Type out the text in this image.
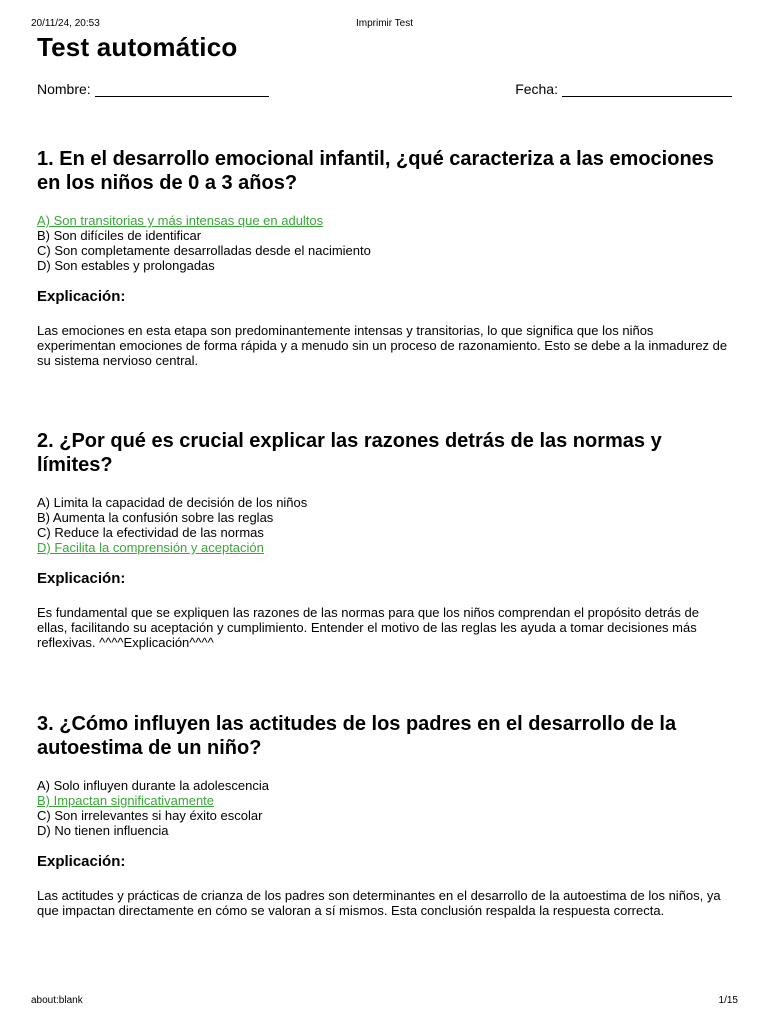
20/11/24, 20:53	Imprimir Test
Test automático
Nombre:	Fecha:
1. En el desarrollo emocional infantil, ¿qué caracteriza a las emociones en los niños de 0 a 3 años?
A) Son transitorias y más intensas que en adultos
B) Son difíciles de identificar
C) Son completamente desarrolladas desde el nacimiento
D) Son estables y prolongadas
Explicación:
Las emociones en esta etapa son predominantemente intensas y transitorias, lo que significa que los niños experimentan emociones de forma rápida y a menudo sin un proceso de razonamiento. Esto se debe a la inmadurez de su sistema nervioso central.
2. ¿Por qué es crucial explicar las razones detrás de las normas y límites?
A) Limita la capacidad de decisión de los niños
B) Aumenta la confusión sobre las reglas
C) Reduce la efectividad de las normas
D) Facilita la comprensión y aceptación
Explicación:
Es fundamental que se expliquen las razones de las normas para que los niños comprendan el propósito detrás de ellas, facilitando su aceptación y cumplimiento. Entender el motivo de las reglas les ayuda a tomar decisiones más reflexivas. ^^^^Explicación^^^^
3. ¿Cómo influyen las actitudes de los padres en el desarrollo de la autoestima de un niño?
A) Solo influyen durante la adolescencia
B) Impactan significativamente
C) Son irrelevantes si hay éxito escolar
D) No tienen influencia
Explicación:
Las actitudes y prácticas de crianza de los padres son determinantes en el desarrollo de la autoestima de los niños, ya que impactan directamente en cómo se valoran a sí mismos. Esta conclusión respalda la respuesta correcta.
about:blank	1/15
